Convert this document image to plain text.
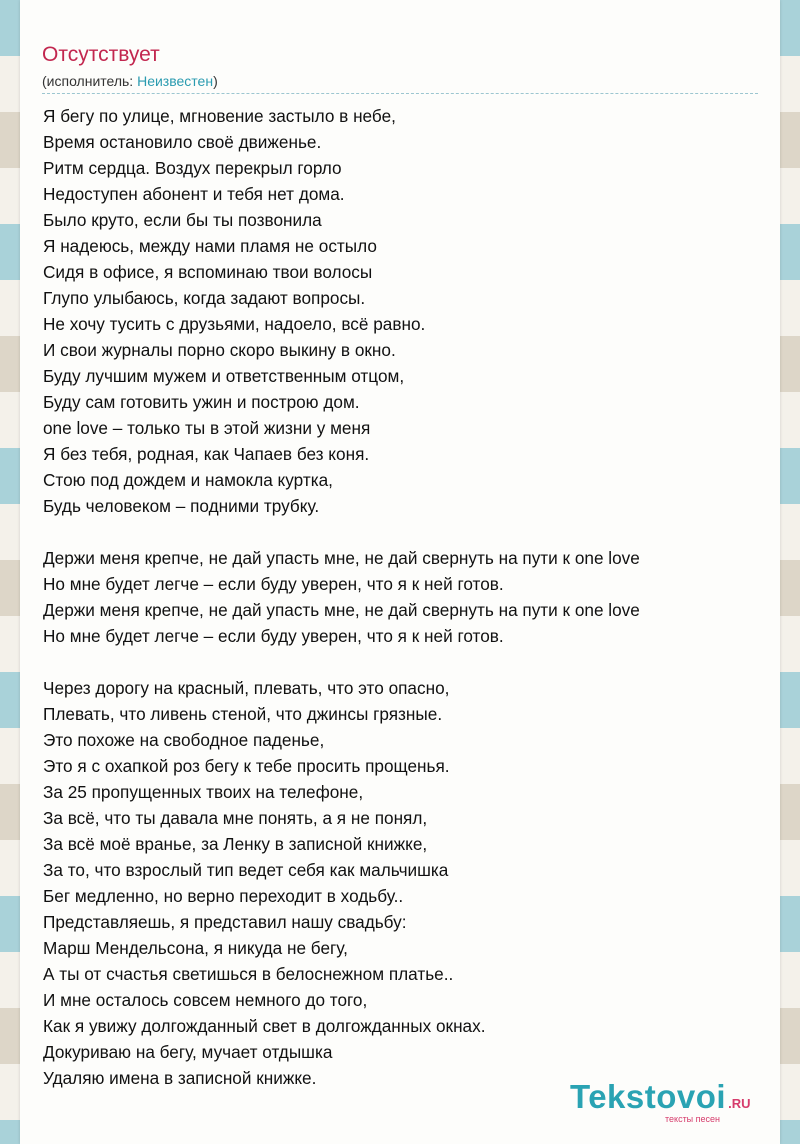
Отсутствует
(исполнитель: Неизвестен)
Я бегу по улице, мгновение застыло в небе,
Время остановило своё движенье.
Ритм сердца. Воздух перекрыл горло
Недоступен абонент и тебя нет дома.
Было круто, если бы ты позвонила
Я надеюсь, между нами пламя не остыло
Сидя в офисе, я вспоминаю твои волосы
Глупо улыбаюсь, когда задают вопросы.
Не хочу тусить с друзьями, надоело, всё равно.
И свои журналы порно скоро выкину в окно.
Буду лучшим мужем и ответственным отцом,
Буду сам готовить ужин и построю дом.
one love – только ты в этой жизни у меня
Я без тебя, родная, как Чапаев без коня.
Стою под дождем и намокла куртка,
Будь человеком – подними трубку.
Держи меня крепче, не дай упасть мне, не дай свернуть на пути к one love
Но мне будет легче – если буду уверен, что я к ней готов.
Держи меня крепче, не дай упасть мне, не дай свернуть на пути к one love
Но мне будет легче – если буду уверен, что я к ней готов.
Через дорогу на красный, плевать, что это опасно,
Плевать, что ливень стеной, что джинсы грязные.
Это похоже на свободное паденье,
Это я с охапкой роз бегу к тебе просить прощенья.
За 25 пропущенных твоих на телефоне,
За всё, что ты давала мне понять, а я не понял,
За всё моё вранье, за Ленку в записной книжке,
За то, что взрослый тип ведет себя как мальчишка
Бег медленно, но верно переходит в ходьбу..
Представляешь, я представил нашу свадьбу:
Марш Мендельсона, я никуда не бегу,
А ты от счастья светишься в белоснежном платье..
И мне осталось совсем немного до того,
Как я увижу долгожданный свет в долгожданных окнах.
Докуриваю на бегу, мучает отдышка
Удаляю имена в записной книжке.	Tekstovoi .RU
тексты песен
